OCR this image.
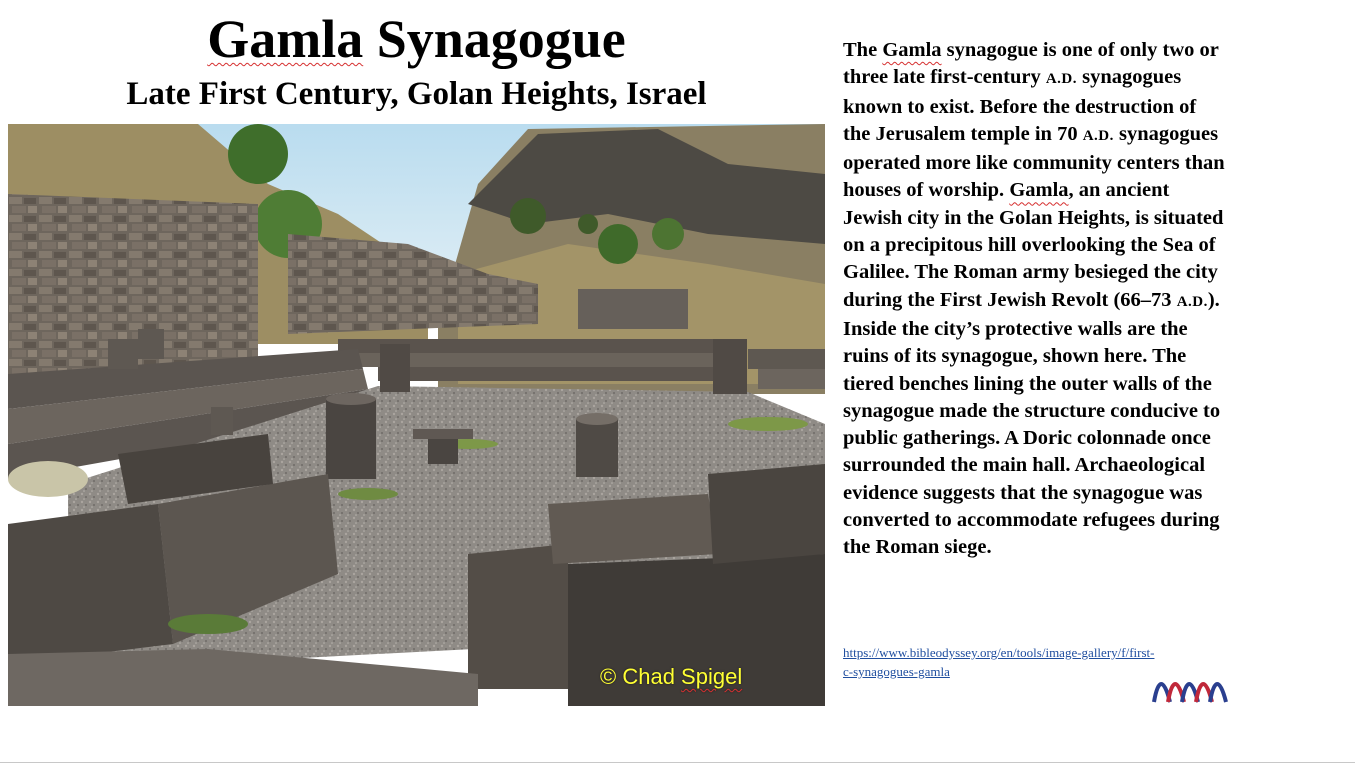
Gamla Synagogue
Late First Century, Golan Heights, Israel
© Chad Spigel
The Gamla synagogue is one of only two or three late first-century A.D. synagogues known to exist. Before the destruction of the Jerusalem temple in 70 A.D. synagogues operated more like community centers than houses of worship. Gamla, an ancient Jewish city in the Golan Heights, is situated on a precipitous hill overlooking the Sea of Galilee. The Roman army besieged the city during the First Jewish Revolt (66–73 A.D.). Inside the city’s protective walls are the ruins of its synagogue, shown here. The tiered benches lining the outer walls of the synagogue made the structure conducive to public gatherings. A Doric colonnade once surrounded the main hall. Archaeological evidence suggests that the synagogue was converted to accommodate refugees during the Roman siege.
https://www.bibleodyssey.org/en/tools/image-gallery/f/first-c-synagogues-gamla
